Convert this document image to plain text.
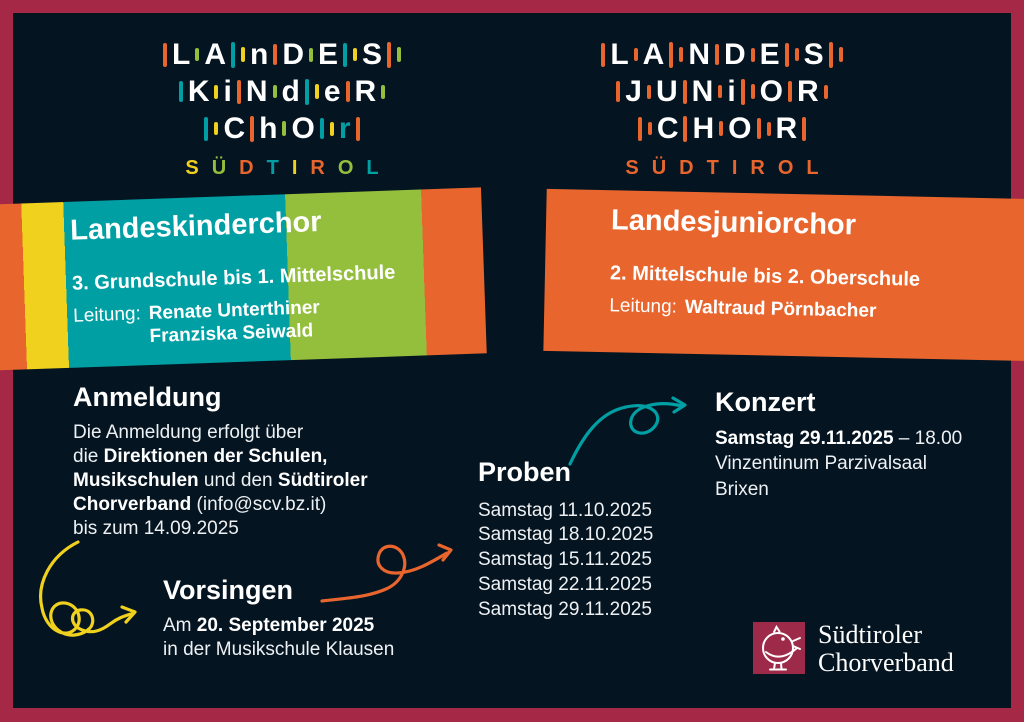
L A n D E S
K i N d e R
C h O r
S Ü D T I R O L
L A N D E S
J U N i O R
C H O R
S Ü D T I R O L
Landeskinderchor
3. Grundschule bis 1. Mittelschule
Leitung: Renate Unterthiner
Franziska Seiwald
Landesjuniorchor
2. Mittelschule bis 2. Oberschule
Leitung: Waltraud Pörnbacher
Anmeldung
Die Anmeldung erfolgt über
die Direktionen der Schulen,
Musikschulen und den Südtiroler
Chorverband (info@scv.bz.it)
bis zum 14.09.2025
Vorsingen
Am 20. September 2025
in der Musikschule Klausen
Proben
Samstag 11.10.2025
Samstag 18.10.2025
Samstag 15.11.2025
Samstag 22.11.2025
Samstag 29.11.2025
Konzert
Samstag 29.11.2025 – 18.00
Vinzentinum Parzivalsaal
Brixen
Südtiroler
Chorverband
